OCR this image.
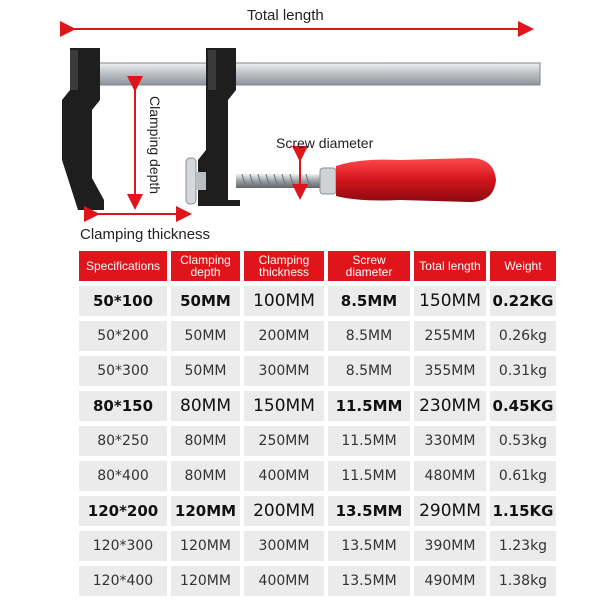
Total length
Clamping depth	Screw diameter
Clamping thickness
Specifications	Clamping depth	Clamping thickness	Screw diameter	Total length	Weight
50*100	50MM	100MM	8.5MM	150MM	0.22KG
50*200	50MM	200MM	8.5MM	255MM	0.26kg
50*300	50MM	300MM	8.5MM	355MM	0.31kg
80*150	80MM	150MM	11.5MM	230MM	0.45KG
80*250	80MM	250MM	11.5MM	330MM	0.53kg
80*400	80MM	400MM	11.5MM	480MM	0.61kg
120*200	120MM	200MM	13.5MM	290MM	1.15KG
120*300	120MM	300MM	13.5MM	390MM	1.23kg
120*400	120MM	400MM	13.5MM	490MM	1.38kg
